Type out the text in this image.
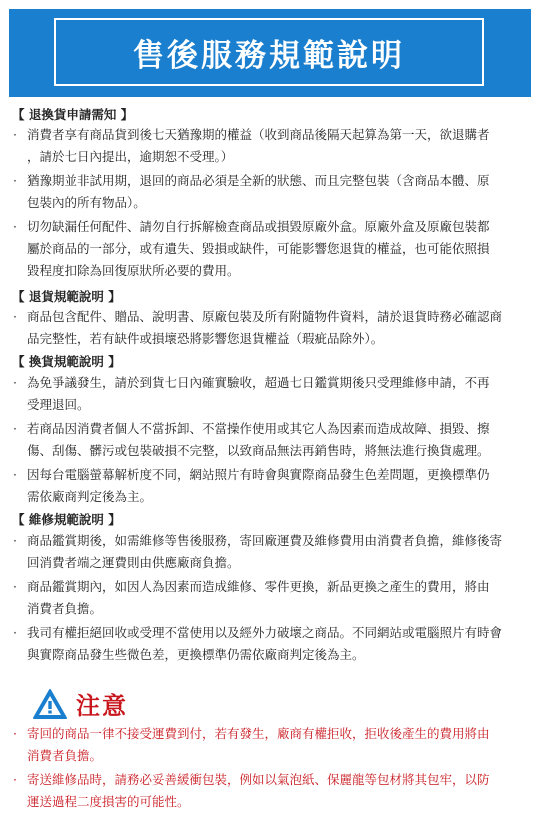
售後服務規範說明
【 退換貨申請需知 】
· 消費者享有商品貨到後七天猶豫期的權益（收到商品後隔天起算為第一天，欲退購者
，請於七日內提出，逾期恕不受理。）
· 猶豫期並非試用期，退回的商品必須是全新的狀態、而且完整包裝（含商品本體、原
包裝內的所有物品）。
· 切勿缺漏任何配件、請勿自行拆解檢查商品或損毀原廠外盒。原廠外盒及原廠包裝都
屬於商品的一部分，或有遺失、毀損或缺件，可能影響您退貨的權益，也可能依照損
毀程度扣除為回復原狀所必要的費用。
【 退貨規範說明 】
· 商品包含配件、贈品、說明書、原廠包裝及所有附隨物件資料，請於退貨時務必確認商
品完整性，若有缺件或損壞恐將影響您退貨權益（瑕疵品除外）。
【 換貨規範說明 】
· 為免爭議發生，請於到貨七日內確實驗收，超過七日鑑賞期後只受理維修申請，不再
受理退回。
· 若商品因消費者個人不當拆卸、不當操作使用或其它人為因素而造成故障、損毀、擦
傷、刮傷、髒污或包裝破損不完整，以致商品無法再銷售時，將無法進行換貨處理。
· 因每台電腦螢幕解析度不同，網站照片有時會與實際商品發生色差問題，更換標準仍
需依廠商判定後為主。
【 維修規範說明 】
· 商品鑑賞期後，如需維修等售後服務，寄回廠運費及維修費用由消費者負擔，維修後寄
回消費者端之運費則由供應廠商負擔。
· 商品鑑賞期內，如因人為因素而造成維修、零件更換，新品更換之產生的費用，將由
消費者負擔。
· 我司有權拒絕回收或受理不當使用以及經外力破壞之商品。不同網站或電腦照片有時會
與實際商品發生些微色差，更換標準仍需依廠商判定後為主。
注意
· 寄回的商品一律不接受運費到付，若有發生，廠商有權拒收，拒收後產生的費用將由
消費者負擔。
· 寄送維修品時，請務必妥善緩衝包裝，例如以氣泡紙、保麗龍等包材將其包牢，以防
運送過程二度損害的可能性。
